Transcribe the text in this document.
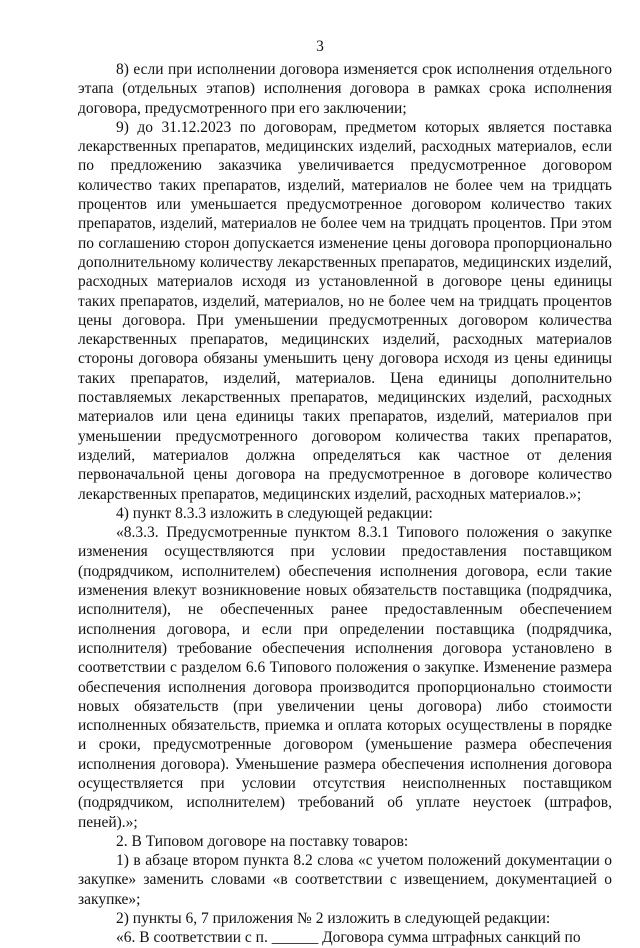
3

8) если при исполнении договора изменяется срок исполнения отдельного этапа (отдельных этапов) исполнения договора в рамках срока исполнения договора, предусмотренного при его заключении;

9) до 31.12.2023 по договорам, предметом которых является поставка лекарственных препаратов, медицинских изделий, расходных материалов, если по предложению заказчика увеличивается предусмотренное договором количество таких препаратов, изделий, материалов не более чем на тридцать процентов или уменьшается предусмотренное договором количество таких препаратов, изделий, материалов не более чем на тридцать процентов. При этом по соглашению сторон допускается изменение цены договора пропорционально дополнительному количеству лекарственных препаратов, медицинских изделий, расходных материалов исходя из установленной в договоре цены единицы таких препаратов, изделий, материалов, но не более чем на тридцать процентов цены договора. При уменьшении предусмотренных договором количества лекарственных препаратов, медицинских изделий, расходных материалов стороны договора обязаны уменьшить цену договора исходя из цены единицы таких препаратов, изделий, материалов. Цена единицы дополнительно поставляемых лекарственных препаратов, медицинских изделий, расходных материалов или цена единицы таких препаратов, изделий, материалов при уменьшении предусмотренного договором количества таких препаратов, изделий, материалов должна определяться как частное от деления первоначальной цены договора на предусмотренное в договоре количество лекарственных препаратов, медицинских изделий, расходных материалов.»;

4) пункт 8.3.3 изложить в следующей редакции:

«8.3.3. Предусмотренные пунктом 8.3.1 Типового положения о закупке изменения осуществляются при условии предоставления поставщиком (подрядчиком, исполнителем) обеспечения исполнения договора, если такие изменения влекут возникновение новых обязательств поставщика (подрядчика, исполнителя), не обеспеченных ранее предоставленным обеспечением исполнения договора, и если при определении поставщика (подрядчика, исполнителя) требование обеспечения исполнения договора установлено в соответствии с разделом 6.6 Типового положения о закупке. Изменение размера обеспечения исполнения договора производится пропорционально стоимости новых обязательств (при увеличении цены договора) либо стоимости исполненных обязательств, приемка и оплата которых осуществлены в порядке и сроки, предусмотренные договором (уменьшение размера обеспечения исполнения договора). Уменьшение размера обеспечения исполнения договора осуществляется при условии отсутствия неисполненных поставщиком (подрядчиком, исполнителем) требований об уплате неустоек (штрафов, пеней).»;

2. В Типовом договоре на поставку товаров:

1) в абзаце втором пункта 8.2 слова «с учетом положений документации о закупке» заменить словами «в соответствии с извещением, документацией о закупке»;

2) пункты 6, 7 приложения № 2 изложить в следующей редакции:

«6. В соответствии с п. ______ Договора сумма штрафных санкций по
